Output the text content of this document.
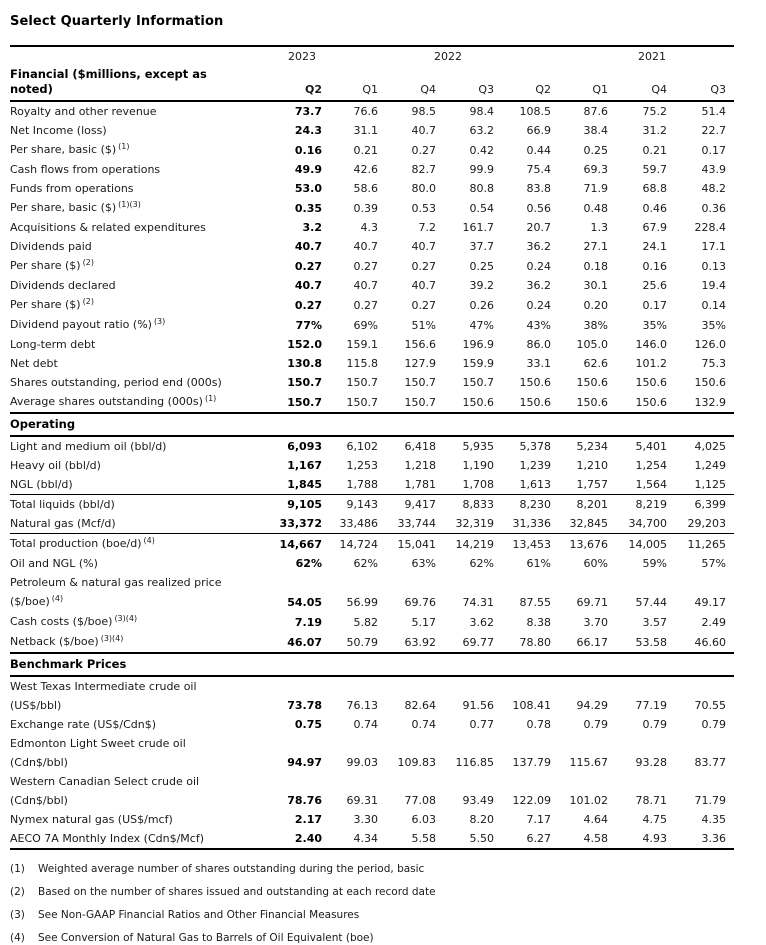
Select Quarterly Information
2023 2022 2021								

Financial ($millions, except as
noted)	Q2	Q1	Q4	Q3	Q2	Q1	Q4	Q3
Royalty and other revenue	73.7	76.6	98.5	98.4	108.5	87.6	75.2	51.4
Net Income (loss)	24.3	31.1	40.7	63.2	66.9	38.4	31.2	22.7
Per share, basic ($) $^{(1)}$	0.16	0.21	0.27	0.42	0.44	0.25	0.21	0.17
Cash flows from operations	49.9	42.6	82.7	99.9	75.4	69.3	59.7	43.9
Funds from operations	53.0	58.6	80.0	80.8	83.8	71.9	68.8	48.2
Per share, basic ($) $^{(1)(3)}$	0.35	0.39	0.53	0.54	0.56	0.48	0.46	0.36
Acquisitions & related expenditures	3.2	4.3	7.2	161.7	20.7	1.3	67.9	228.4
Dividends paid	40.7	40.7	40.7	37.7	36.2	27.1	24.1	17.1
Per share ($) $^{(2)}$	0.27	0.27	0.27	0.25	0.24	0.18	0.16	0.13
Dividends declared	40.7	40.7	40.7	39.2	36.2	30.1	25.6	19.4
Per share ($) $^{(2)}$	0.27	0.27	0.27	0.26	0.24	0.20	0.17	0.14
Dividend payout ratio (%) $^{(3)}$	77%	69%	51%	47%	43%	38%	35%	35%
Long-term debt	152.0	159.1	156.6	196.9	86.0	105.0	146.0	126.0
Net debt	130.8	115.8	127.9	159.9	33.1	62.6	101.2	75.3
Shares outstanding, period end (000s)	150.7	150.7	150.7	150.7	150.6	150.6	150.6	150.6
Average shares outstanding (000s) $^{(1)}$	150.7	150.7	150.7	150.6	150.6	150.6	150.6	132.9
Operating								
Light and medium oil (bbl/d)	6,093	6,102	6,418	5,935	5,378	5,234	5,401	4,025
Heavy oil (bbl/d)	1,167	1,253	1,218	1,190	1,239	1,210	1,254	1,249
NGL (bbl/d)	1,845	1,788	1,781	1,708	1,613	1,757	1,564	1,125
Total liquids (bbl/d)	9,105	9,143	9,417	8,833	8,230	8,201	8,219	6,399
Natural gas (Mcf/d)	33,372	33,486	33,744	32,319	31,336	32,845	34,700	29,203
Total production (boe/d) $^{(4)}$	14,667	14,724	15,041	14,219	13,453	13,676	14,005	11,265
Oil and NGL (%)	62%	62%	63%	62%	61%	60%	59%	57%
Petroleum & natural gas realized price
($/boe) $^{(4)}$	54.05	56.99	69.76	74.31	87.55	69.71	57.44	49.17
Cash costs ($/boe) $^{(3)(4)}$	7.19	5.82	5.17	3.62	8.38	3.70	3.57	2.49
Netback ($/boe) $^{(3)(4)}$	46.07	50.79	63.92	69.77	78.80	66.17	53.58	46.60
Benchmark Prices								
West Texas Intermediate crude oil
(US$/bbl)	73.78	76.13	82.64	91.56	108.41	94.29	77.19	70.55
Exchange rate (US$/Cdn$)	0.75	0.74	0.74	0.77	0.78	0.79	0.79	0.79
Edmonton Light Sweet crude oil
(Cdn$/bbl)	94.97	99.03	109.83	116.85	137.79	115.67	93.28	83.77
Western Canadian Select crude oil
(Cdn$/bbl)	78.76	69.31	77.08	93.49	122.09	101.02	78.71	71.79
Nymex natural gas (US$/mcf)	2.17	3.30	6.03	8.20	7.17	4.64	4.75	4.35
AECO 7A Monthly Index (Cdn$/Mcf)	2.40	4.34	5.58	5.50	6.27	4.58	4.93	3.36
(1) Weighted average number of shares outstanding during the period, basic
(2) Based on the number of shares issued and outstanding at each record date
(3) See Non-GAAP Financial Ratios and Other Financial Measures
(4) See Conversion of Natural Gas to Barrels of Oil Equivalent (boe)
